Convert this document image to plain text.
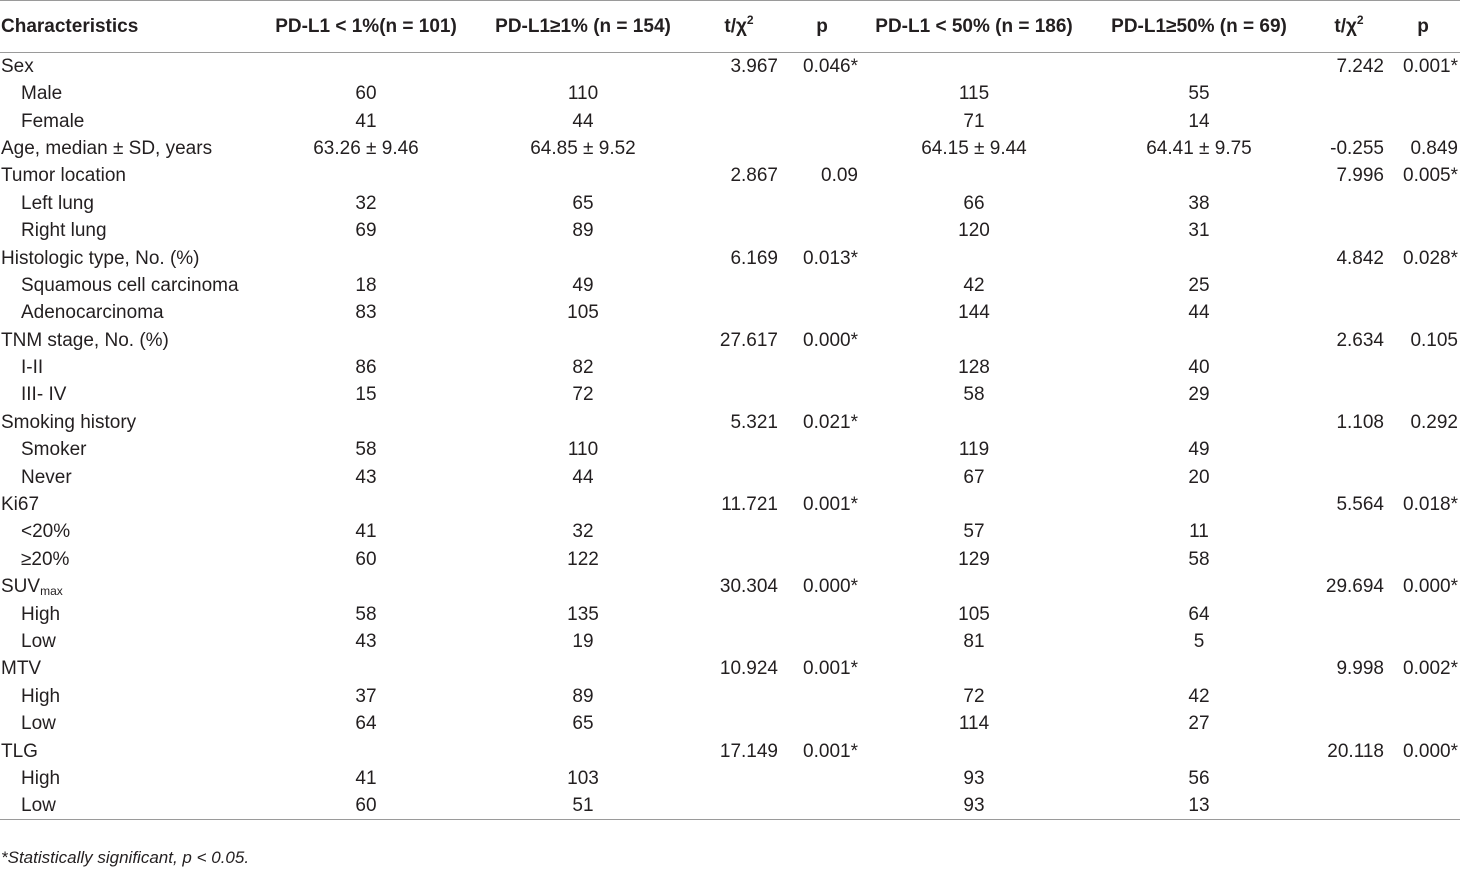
Characteristics	PD-L1 < 1%(n = 101)	PD-L1≥1% (n = 154)	$t/\chi^2$	p	PD-L1 < 50% (n = 186)	PD-L1≥50% (n = 69)	$t/\chi^2$	p
Sex			3.967	0.046*			7.242	0.001*
Male	60	110			115	55		
Female	41	44			71	14		
Age, median ± SD, years	63.26 ± 9.46	64.85 ± 9.52			64.15 ± 9.44	64.41 ± 9.75	-0.255	0.849
Tumor location			2.867	0.09			7.996	0.005*
Left lung	32	65			66	38		
Right lung	69	89			120	31		
Histologic type, No. (%)			6.169	0.013*			4.842	0.028*
Squamous cell carcinoma	18	49			42	25		
Adenocarcinoma	83	105			144	44		
TNM stage, No. (%)			27.617	0.000*			2.634	0.105
I-II	86	82			128	40		
III- IV	15	72			58	29		
Smoking history			5.321	0.021*			1.108	0.292
Smoker	58	110			119	49		
Never	43	44			67	20		
Ki67			11.721	0.001*			5.564	0.018*
<20%	41	32			57	11		
≥20%	60	122			129	58		
$SUV_{max}$			30.304	0.000*			29.694	0.000*
High	58	135			105	64		
Low	43	19			81	5		
MTV			10.924	0.001*			9.998	0.002*
High	37	89			72	42		
Low	64	65			114	27		
TLG			17.149	0.001*			20.118	0.000*
High	41	103			93	56		
Low	60	51			93	13		
*Statistically significant, p < 0.05.
